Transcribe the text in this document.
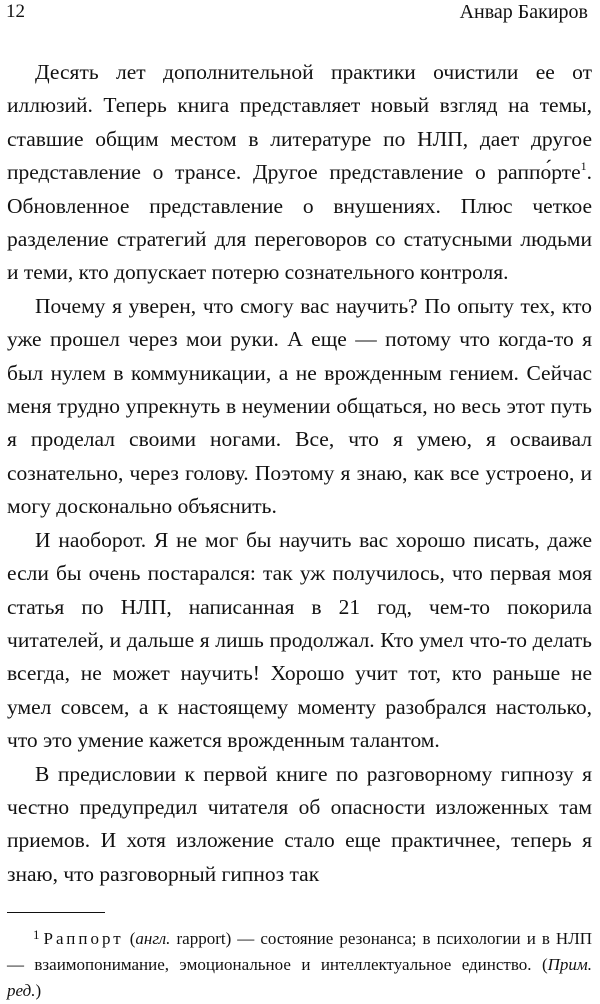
12	Анвар Бакиров

Десять лет дополнительной практики очистили ее от иллюзий. Теперь книга представляет новый взгляд на темы, ставшие общим местом в литературе по НЛП, дает другое представление о трансе. Другое представление о раппо́рте$^1$. Обновленное представление о внушениях. Плюс четкое разделение стратегий для переговоров со статусными людьми и теми, кто допускает потерю сознательного контроля.

Почему я уверен, что смогу вас научить? По опыту тех, кто уже прошел через мои руки. А еще — потому что когда-то я был нулем в коммуникации, а не врожденным гением. Сейчас меня трудно упрекнуть в неумении общаться, но весь этот путь я проделал своими ногами. Все, что я умею, я осваивал сознательно, через голову. Поэтому я знаю, как все устроено, и могу досконально объяснить.

И наоборот. Я не мог бы научить вас хорошо писать, даже если бы очень постарался: так уж получилось, что первая моя статья по НЛП, написанная в 21 год, чем-то покорила читателей, и дальше я лишь продолжал. Кто умел что-то делать всегда, не может научить! Хорошо учит тот, кто раньше не умел совсем, а к настоящему моменту разобрался настолько, что это умение кажется врожденным талантом.

В предисловии к первой книге по разговорному гипнозу я честно предупредил читателя об опасности изложенных там приемов. И хотя изложение стало еще практичнее, теперь я знаю, что разговорный гипноз так

$^1$ Раппорт (англ. rapport) — состояние резонанса; в психологии и в НЛП — взаимопонимание, эмоциональное и интеллектуальное единство. (Прим. ред.)
